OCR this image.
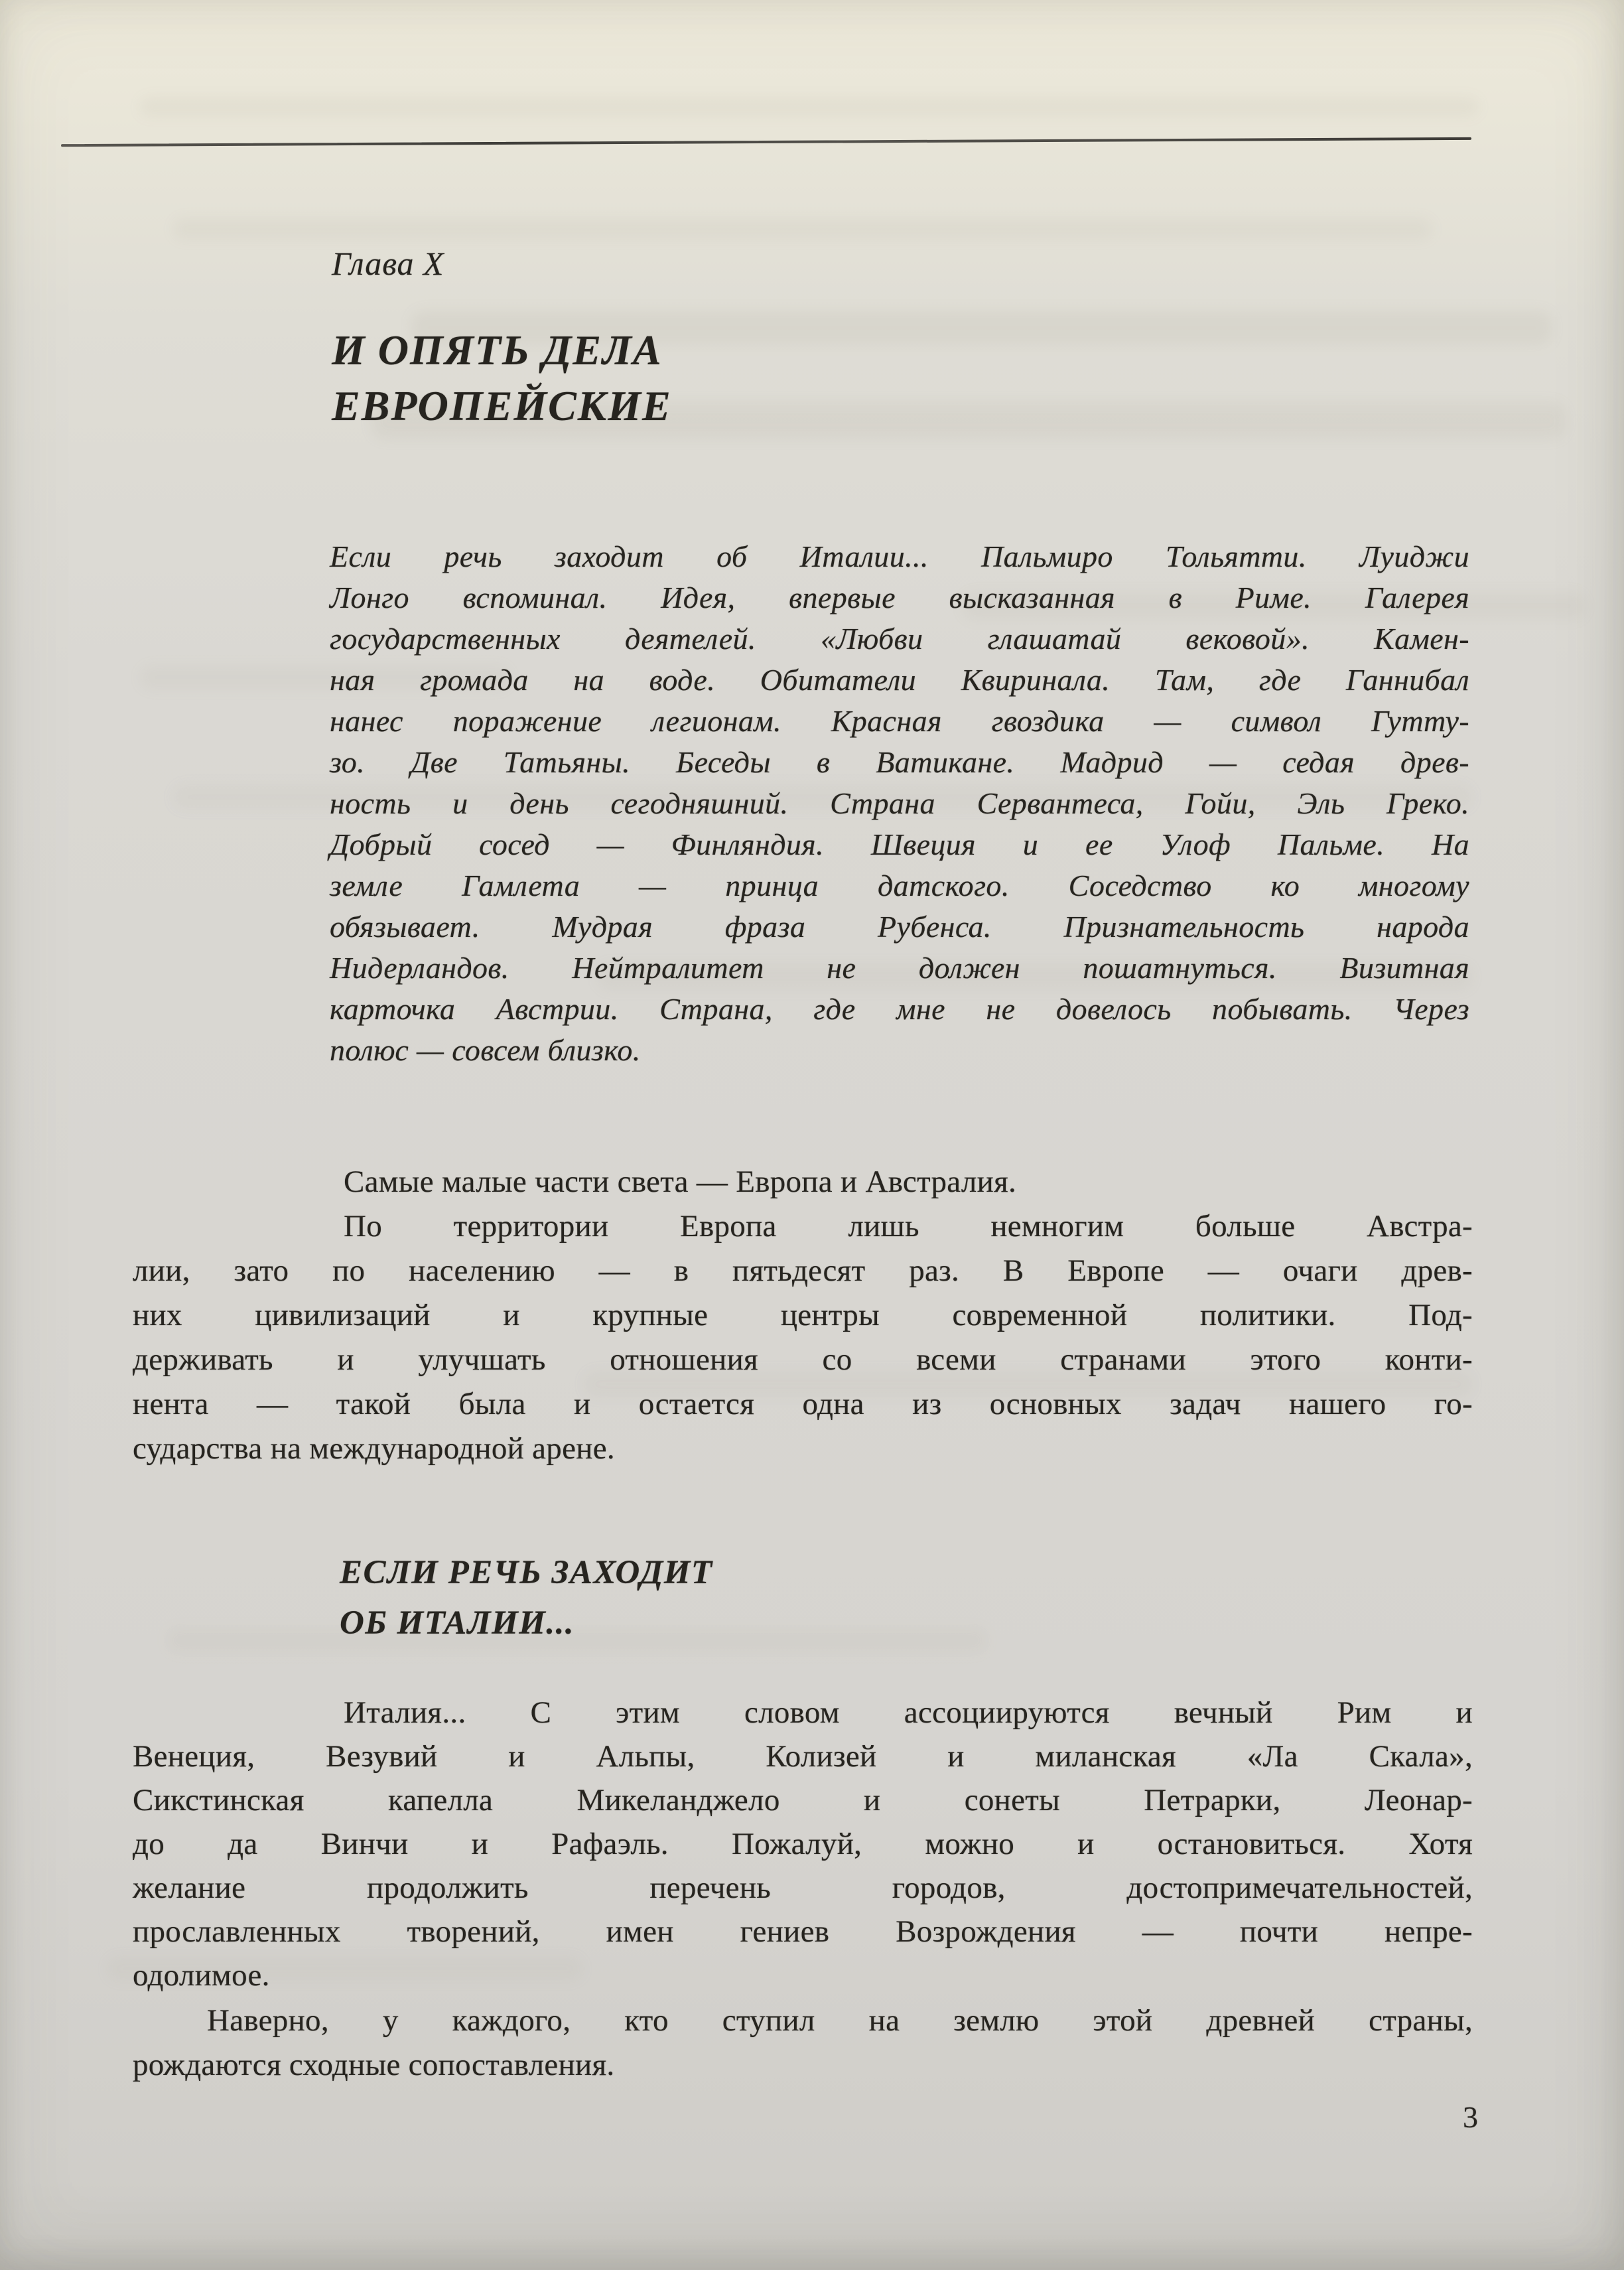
Глава X
И ОПЯТЬ ДЕЛА
ЕВРОПЕЙСКИЕ
Если речь заходит об Италии... Пальмиро Тольятти. Луиджи
Лонго вспоминал. Идея, впервые высказанная в Риме. Галерея
государственных деятелей. «Любви глашатай вековой». Камен-
ная громада на воде. Обитатели Квиринала. Там, где Ганнибал
нанес поражение легионам. Красная гвоздика — символ Гутту-
зо. Две Татьяны. Беседы в Ватикане. Мадрид — седая древ-
ность и день сегодняшний. Страна Сервантеса, Гойи, Эль Греко.
Добрый сосед — Финляндия. Швеция и ее Улоф Пальме. На
земле Гамлета — принца датского. Соседство ко многому
обязывает. Мудрая фраза Рубенса. Признательность народа
Нидерландов. Нейтралитет не должен пошатнуться. Визитная
карточка Австрии. Страна, где мне не довелось побывать. Через
полюс — совсем близко.
Самые малые части света — Европа и Австралия.
По территории Европа лишь немногим больше Австра-
лии, зато по населению — в пятьдесят раз. В Европе — очаги древ-
них цивилизаций и крупные центры современной политики. Под-
держивать и улучшать отношения со всеми странами этого конти-
нента — такой была и остается одна из основных задач нашего го-
сударства на международной арене.
ЕСЛИ РЕЧЬ ЗАХОДИТ
ОБ ИТАЛИИ...
Италия... С этим словом ассоциируются вечный Рим и
Венеция, Везувий и Альпы, Колизей и миланская «Ла Скала»,
Сикстинская капелла Микеланджело и сонеты Петрарки, Леонар-
до да Винчи и Рафаэль. Пожалуй, можно и остановиться. Хотя
желание продолжить перечень городов, достопримечательностей,
прославленных творений, имен гениев Возрождения — почти непре-
одолимое.
Наверно, у каждого, кто ступил на землю этой древней страны,
рождаются сходные сопоставления.
3
